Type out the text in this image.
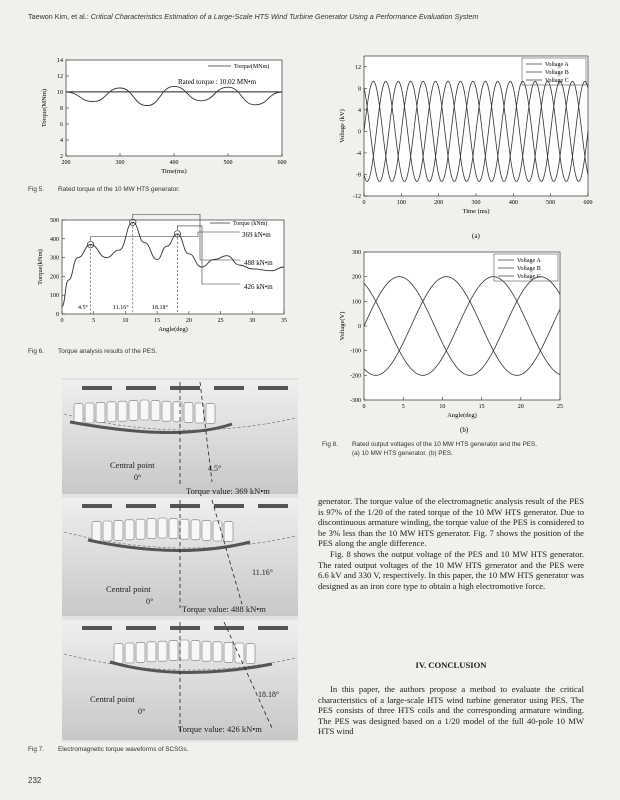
Taewon Kim, et al.: Critical Characteristics Estimation of a Large-Scale HTS Wind Turbine Generator Using a Performance Evaluation System
200	300	400	500	600
2
4
6
8
10
12
14
Time(ms)
Torque(MNm)
Torque(MNm)
Rated torque : 10.02 MN•m
Fig 5. Rated torque of the 10 MW HTS generator.
0	5	10	15	20	25	30	35
0
100
200
300
400
500
Angle(deg)
Torque(kNm)
Torque (kNm)
369 kN•m
488 kN•m
426 kN•m
4.5°	11.16°	18.18°
Fig 6. Torque analysis results of the PES.
Central point
0°
4.5°
Torque value: 369 kN•m
Central point
0°
11.16°
Torque value: 488 kN•m
Central point
0°
18.18°
Torque value: 426 kN•m
Fig 7. Electromagnetic torque waveforms of SCSGs.
0	100	200	300	400	500	600
-12
-8
-4
0
4
8
12
Time (ms)
Voltage (kV)
Voltage A
Voltage B
Voltage C
(a)
0	5	10	15	20	25
-300
-200
-100
0
100
200
300
Angle(deg)
Voltage(V)
Voltage A
Voltage B
Voltage C
(b)
Fig 8. Rated output voltages of the 10 MW HTS generator and the PES.
(a) 10 MW HTS generator. (b) PES.

generator. The torque value of the electromagnetic analysis result of the PES is 97% of the 1/20 of the rated torque of the 10 MW HTS generator. Due to discontinuous armature winding, the torque value of the PES is considered to be 3% less than the 10 MW HTS generator. Fig. 7 shows the position of the PES along the angle difference.

Fig. 8 shows the output voltage of the PES and 10 MW HTS generator. The rated output voltages of the 10 MW HTS generator and the PES were 6.6 kV and 330 V, respectively. In this paper, the 10 MW HTS generator was designed as an iron core type to obtain a high electromotive force.

IV. CONCLUSION

In this paper, the authors propose a method to evaluate the critical characteristics of a large-scale HTS wind turbine generator using PES. The PES consists of three HTS coils and the corresponding armature winding. The PES was designed based on a 1/20 model of the full 40-pole 10 MW HTS wind

232
